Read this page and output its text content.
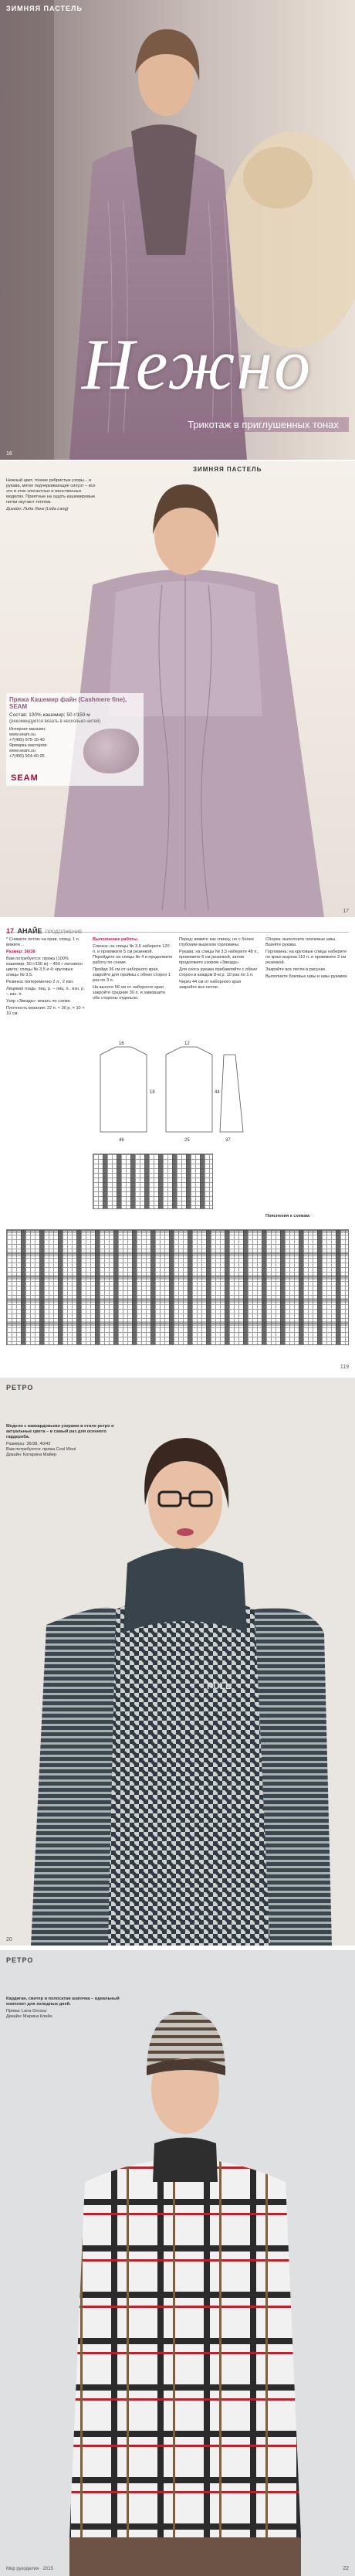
ЗИМНЯЯ ПАСТЕЛЬ
Нежно
Трикотаж в приглушенных тонах
16
ЗИМНЯЯ ПАСТЕЛЬ

Нежный цвет, тонкие ребристые узоры... и рукава, мягко подчеркивающие силуэт – все это в этих элегантных и женственных моделях. Приятные на ощупь кашемировые нитки окутают теплом.

Дизайн: Лида Ланг (Lidia Lang)

Пряжа Кашемир файн (Cashmere fine), SEAM
Состав: 100% кашемир; 50 г/150 м
(рекомендуется вязать в несколько нитей)
Интернет-магазин: www.seam.su
+7(495) 975-10-40
Ярмарка мастеров: www.seam.su
+7(495) 924-40-25
SEAM
17
17 АНАЙЕ ПРОДОЛЖЕНИЕ

* Снимите петлю на прав. спицу, 1 п. вяжите...

Размер: 36/38

Вам потребуется: пряжа (100% кашемир; 50 г/150 м) – 450 г лилового цвета; спицы № 3,5 и 4; круговые спицы № 3,5.

Резинка: попеременно 2 л., 2 изн.

Лицевая гладь: лиц. р. – лиц. п., изн. р. – изн. п.

Узор «Звезда»: вязать по схеме.

Плотность вязания: 22 п. × 30 р. = 10 × 10 см.

Выполнение работы.

Спинка: на спицы № 3,5 наберите 120 п. и провяжите 5 см резинкой. Перейдите на спицы № 4 и продолжите работу по схеме.

Пройдя 36 см от наборного края, закройте для проймы с обеих сторон 1 раз по 3 п.

На высоте 56 см от наборного края закройте средние 30 п. и завершите обе стороны отдельно.

Перед: вяжите как спинку, но с более глубоким вырезом горловины.

Рукава: на спицы № 3,5 наберите 48 п., провяжите 6 см резинкой, затем продолжите узором «Звезда».

Для скоса рукава прибавляйте с обеих сторон в каждом 8-м р. 10 раз по 1 п.

Через 44 см от наборного края закройте все петли.

Сборка: выполните плечевые швы. Вшейте рукава.

Горловина: на круговые спицы наберите по краю выреза 110 п. и провяжите 3 см резинкой.

Закройте все петли в рисунке.

Выполните боковые швы и швы рукавов.

16
46
18
12
25
44
37
Пояснения к схемам:
119
РЕТРО

Модели с жаккардовыми узорами в стиле ретро и актуальные цвета – в самый раз для осеннего гардероба.

Размеры: 36/38, 40/42
Вам потребуется: пряжа Cool Wool
Дизайн: Катарина Майер

PULL
20
РЕТРО

Кардиган, свитер и полосатая шапочка – идеальный комплект для холодных дней.

Пряжа: Lana Grossa
Дизайн: Марина Клейн

Мир рукоделия · 2015	22
